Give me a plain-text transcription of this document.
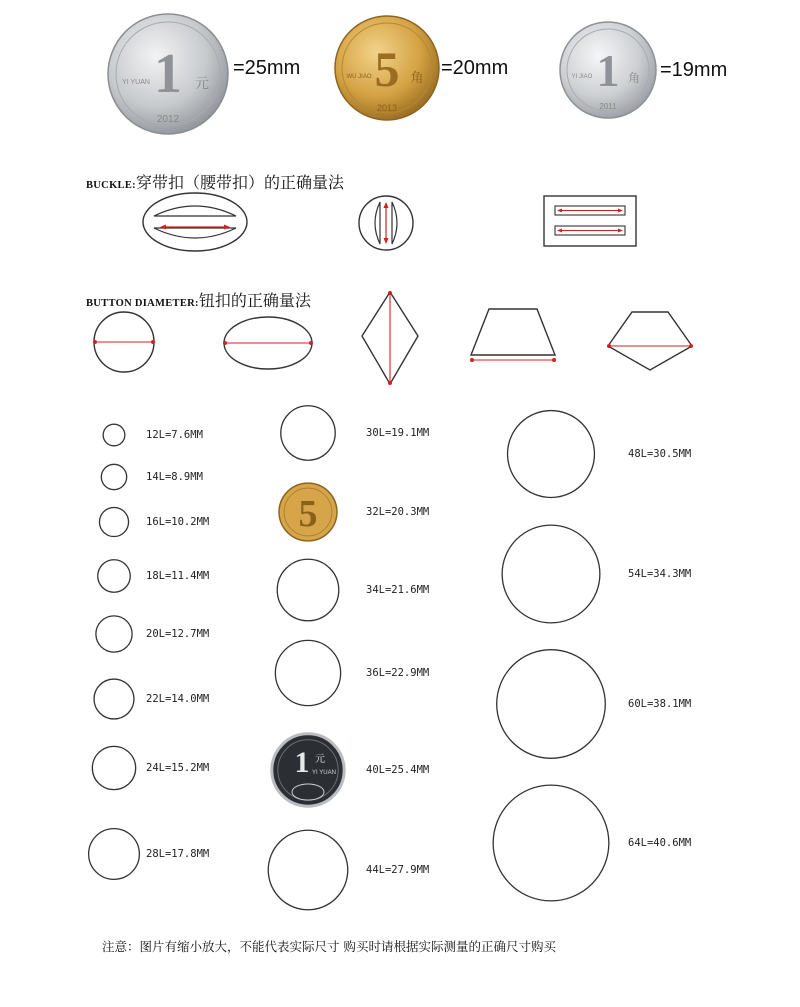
1 元
YI YUAN
2012
=25mm 5 角
WU JIAO
2013
=20mm 1 角
YI JIAO
2011
=19mm
BUCKLE: 穿带扣（腰带扣）的正确量法
BUTTON DIAMETER: 钮扣的正确量法
5
1 元
YI YUAN
12L=7.6MM
14L=8.9MM
16L=10.2MM
18L=11.4MM
20L=12.7MM
22L=14.0MM
24L=15.2MM
28L=17.8MM
30L=19.1MM
32L=20.3MM
34L=21.6MM
36L=22.9MM
40L=25.4MM
44L=27.9MM
48L=30.5MM
54L=34.3MM
60L=38.1MM
64L=40.6MM
注意：图片有缩小放大，不能代表实际尺寸 购买时请根据实际测量的正确尺寸购买
